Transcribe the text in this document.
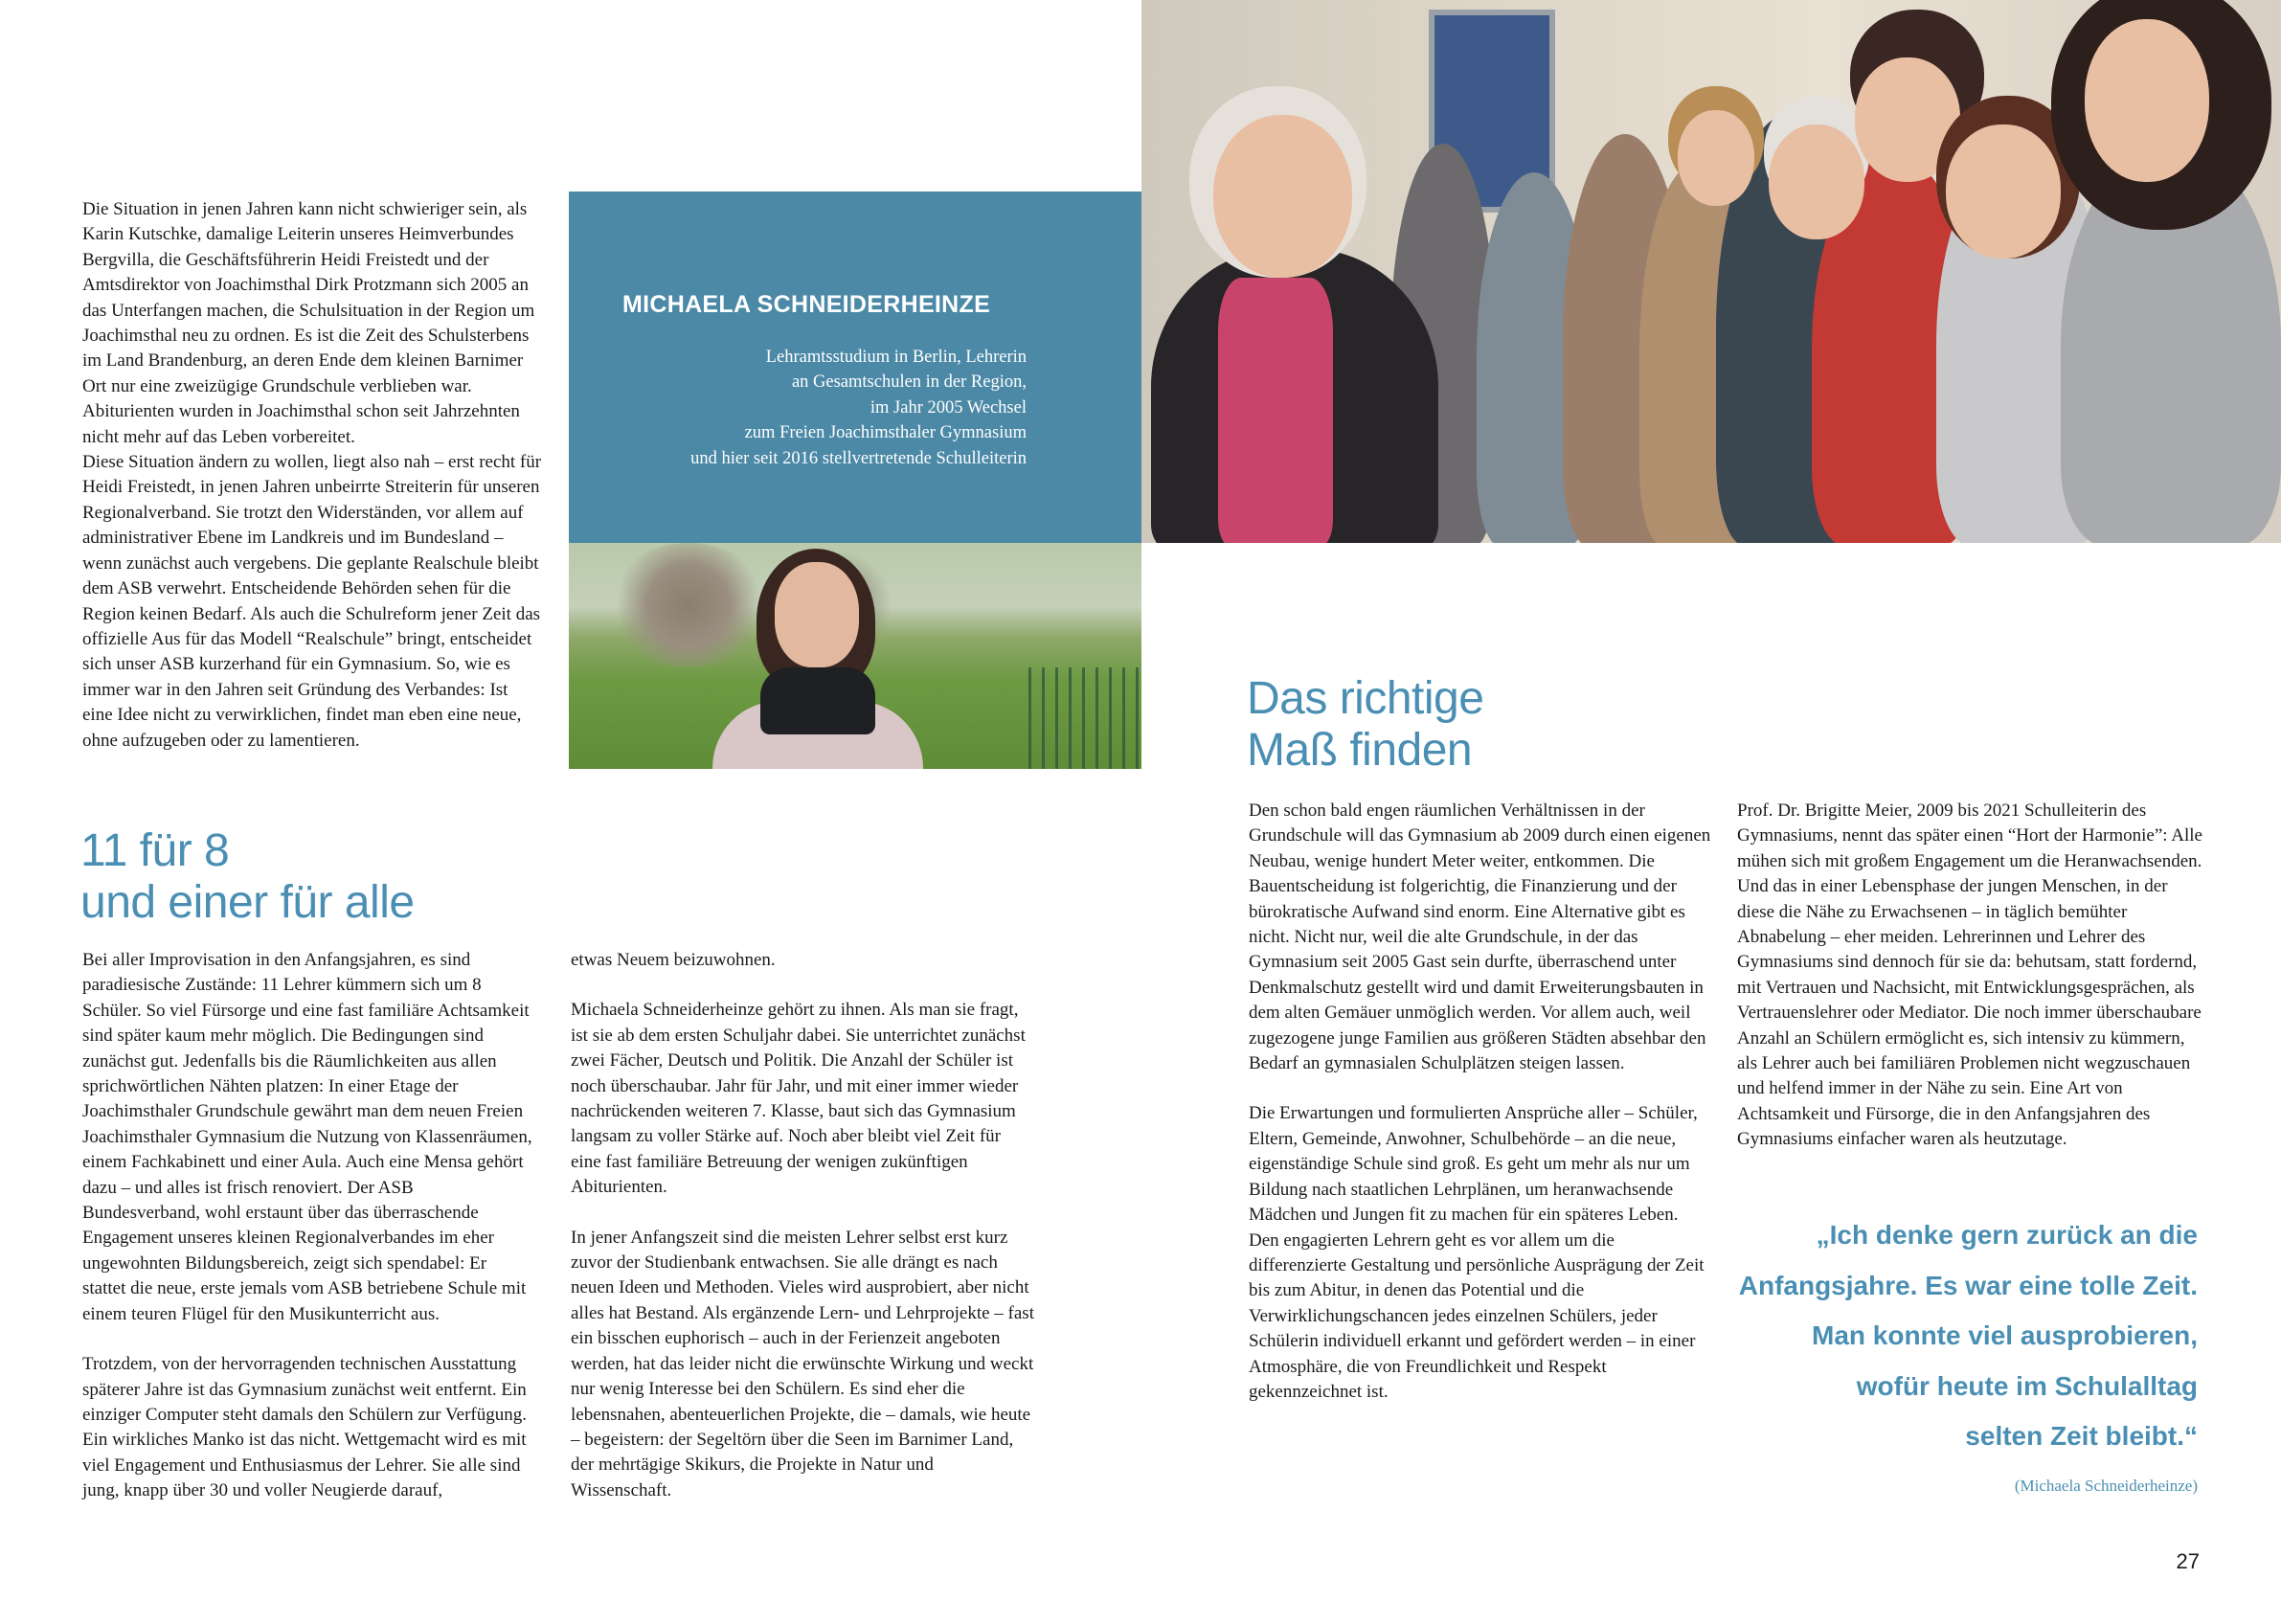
Die Situation in jenen Jahren kann nicht schwieriger sein, als Karin Kutschke, damalige Leiterin unseres Heimverbundes Bergvilla, die Geschäftsführerin Heidi Freistedt und der Amtsdirektor von Joachimsthal Dirk Protzmann sich 2005 an das Unterfangen machen, die Schulsituation in der Region um Joachimsthal neu zu ordnen. Es ist die Zeit des Schulsterbens im Land Brandenburg, an deren Ende dem kleinen Barnimer Ort nur eine zweizügige Grundschule verblieben war. Abiturienten wurden in Joachimsthal schon seit Jahrzehnten nicht mehr auf das Leben vorbereitet.

Diese Situation ändern zu wollen, liegt also nah – erst recht für Heidi Freistedt, in jenen Jahren unbeirrte Streiterin für unseren Regionalverband. Sie trotzt den Widerständen, vor allem auf administrativer Ebene im Landkreis und im Bundesland – wenn zunächst auch vergebens. Die geplante Realschule bleibt dem ASB verwehrt. Entscheidende Behörden sehen für die Region keinen Bedarf. Als auch die Schulreform jener Zeit das offizielle Aus für das Modell “Realschule” bringt, entscheidet sich unser ASB kurzerhand für ein Gymnasium. So, wie es immer war in den Jahren seit Gründung des Verbandes: Ist eine Idee nicht zu verwirklichen, findet man eben eine neue, ohne aufzugeben oder zu lamentieren.

MICHAELA SCHNEIDERHEINZE
Lehramtsstudium in Berlin, Lehrerin
an Gesamtschulen in der Region,
im Jahr 2005 Wechsel
zum Freien Joachimsthaler Gymnasium
und hier seit 2016 stellvertretende Schulleiterin
11 für 8
und einer für alle

Bei aller Improvisation in den Anfangsjahren, es sind paradiesische Zustände: 11 Lehrer kümmern sich um 8 Schüler. So viel Fürsorge und eine fast familiäre Achtsamkeit sind später kaum mehr möglich. Die Bedingungen sind zunächst gut. Jedenfalls bis die Räumlichkeiten aus allen sprichwörtlichen Nähten platzen: In einer Etage der Joachimsthaler Grundschule gewährt man dem neuen Freien Joachimsthaler Gymnasium die Nutzung von Klassenräumen, einem Fachkabinett und einer Aula. Auch eine Mensa gehört dazu – und alles ist frisch renoviert. Der ASB Bundesverband, wohl erstaunt über das überraschende Engagement unseres kleinen Regionalverbandes im eher ungewohnten Bildungsbereich, zeigt sich spendabel: Er stattet die neue, erste jemals vom ASB betriebene Schule mit einem teuren Flügel für den Musikunterricht aus.

Trotzdem, von der hervorragenden technischen Ausstattung späterer Jahre ist das Gymnasium zunächst weit entfernt. Ein einziger Computer steht damals den Schülern zur Verfügung. Ein wirkliches Manko ist das nicht. Wettgemacht wird es mit viel Engagement und Enthusiasmus der Lehrer. Sie alle sind jung, knapp über 30 und voller Neugierde darauf,

etwas Neuem beizuwohnen.

Michaela Schneiderheinze gehört zu ihnen. Als man sie fragt, ist sie ab dem ersten Schuljahr dabei. Sie unterrichtet zunächst zwei Fächer, Deutsch und Politik. Die Anzahl der Schüler ist noch überschaubar. Jahr für Jahr, und mit einer immer wieder nachrückenden weiteren 7. Klasse, baut sich das Gymnasium langsam zu voller Stärke auf. Noch aber bleibt viel Zeit für eine fast familiäre Betreuung der wenigen zukünftigen Abiturienten.

In jener Anfangszeit sind die meisten Lehrer selbst erst kurz zuvor der Studienbank entwachsen. Sie alle drängt es nach neuen Ideen und Methoden. Vieles wird ausprobiert, aber nicht alles hat Bestand. Als ergänzende Lern- und Lehrprojekte – fast ein bisschen euphorisch – auch in der Ferienzeit angeboten werden, hat das leider nicht die erwünschte Wirkung und weckt nur wenig Interesse bei den Schülern. Es sind eher die lebensnahen, abenteuerlichen Projekte, die – damals, wie heute – begeistern: der Segeltörn über die Seen im Barnimer Land, der mehrtägige Skikurs, die Projekte in Natur und Wissenschaft.

Das richtige
Maß finden

Den schon bald engen räumlichen Verhältnissen in der Grundschule will das Gymnasium ab 2009 durch einen eigenen Neubau, wenige hundert Meter weiter, entkommen. Die Bauentscheidung ist folgerichtig, die Finanzierung und der bürokratische Aufwand sind enorm. Eine Alternative gibt es nicht. Nicht nur, weil die alte Grundschule, in der das Gymnasium seit 2005 Gast sein durfte, überraschend unter Denkmalschutz gestellt wird und damit Erweiterungsbauten in dem alten Gemäuer unmöglich werden. Vor allem auch, weil zugezogene junge Familien aus größeren Städten absehbar den Bedarf an gymnasialen Schulplätzen steigen lassen.

Die Erwartungen und formulierten Ansprüche aller – Schüler, Eltern, Gemeinde, Anwohner, Schulbehörde – an die neue, eigenständige Schule sind groß. Es geht um mehr als nur um Bildung nach staatlichen Lehrplänen, um heranwachsende Mädchen und Jungen fit zu machen für ein späteres Leben. Den engagierten Lehrern geht es vor allem um die differenzierte Gestaltung und persönliche Ausprägung der Zeit bis zum Abitur, in denen das Potential und die Verwirklichungschancen jedes einzelnen Schülers, jeder Schülerin individuell erkannt und gefördert werden – in einer Atmosphäre, die von Freundlichkeit und Respekt gekennzeichnet ist.

Prof. Dr. Brigitte Meier, 2009 bis 2021 Schulleiterin des Gymnasiums, nennt das später einen “Hort der Harmonie”: Alle mühen sich mit großem Engagement um die Heranwachsenden. Und das in einer Lebensphase der jungen Menschen, in der diese die Nähe zu Erwachsenen – in täglich bemühter Abnabelung – eher meiden. Lehrerinnen und Lehrer des Gymnasiums sind dennoch für sie da: behutsam, statt fordernd, mit Vertrauen und Nachsicht, mit Entwicklungsgesprächen, als Vertrauenslehrer oder Mediator. Die noch immer überschaubare Anzahl an Schülern ermöglicht es, sich intensiv zu kümmern, als Lehrer auch bei familiären Problemen nicht wegzuschauen und helfend immer in der Nähe zu sein. Eine Art von Achtsamkeit und Fürsorge, die in den Anfangsjahren des Gymnasiums einfacher waren als heutzutage.

„Ich denke gern zurück an die
Anfangsjahre. Es war eine tolle Zeit.
Man konnte viel ausprobieren,
wofür heute im Schulalltag
selten Zeit bleibt.“

(Michaela Schneiderheinze)

27
